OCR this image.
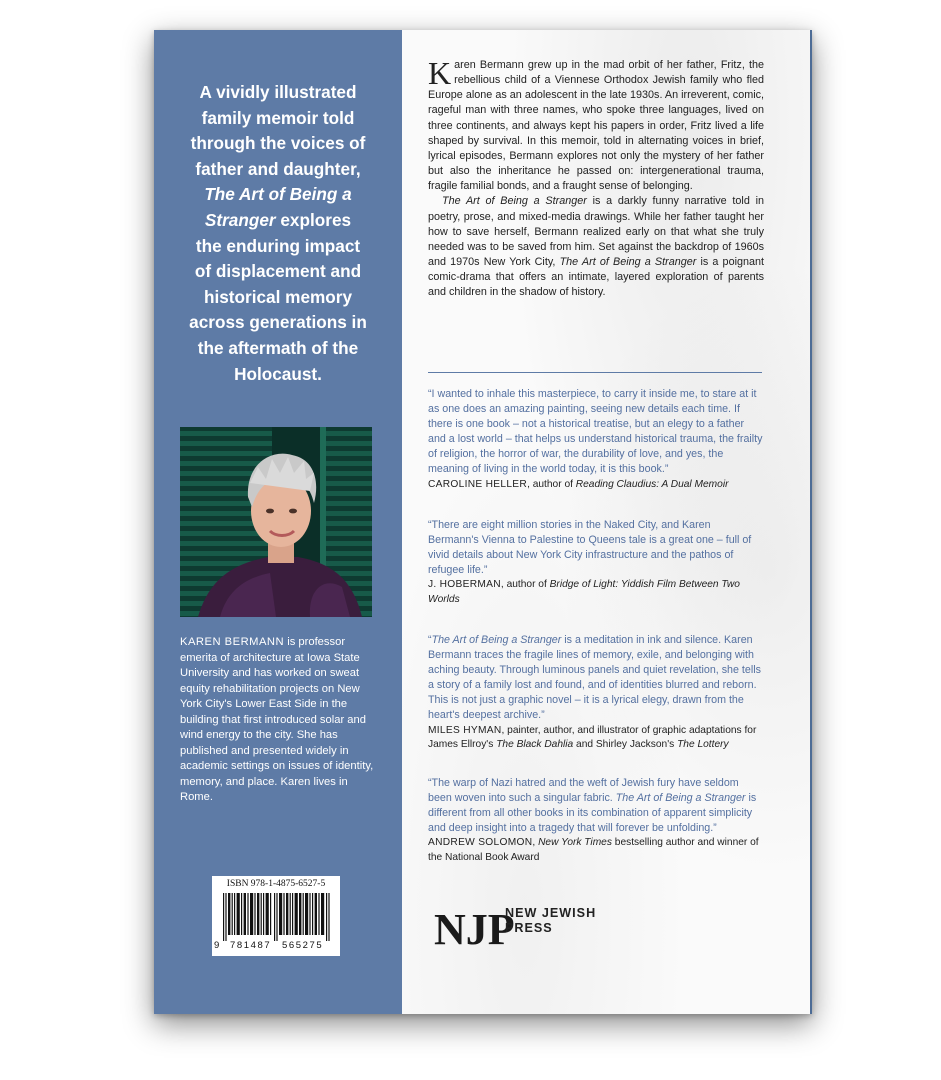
A vividly illustrated
family memoir told
through the voices of
father and daughter,
The Art of Being a
Stranger explores
the enduring impact
of displacement and
historical memory
across generations in
the aftermath of the
Holocaust.

KAREN BERMANN is professor emerita of architecture at Iowa State University and has worked on sweat equity rehabilitation projects on New York City's Lower East Side in the building that first introduced solar and wind energy to the city. She has published and presented widely in academic settings on issues of identity, memory, and place. Karen lives in Rome.

ISBN 978-1-4875-6527-5
9 781487 565275

Karen Bermann grew up in the mad orbit of her father, Fritz, the rebellious child of a Viennese Orthodox Jewish family who fled Europe alone as an adolescent in the late 1930s. An irreverent, comic, rageful man with three names, who spoke three languages, lived on three continents, and always kept his papers in order, Fritz lived a life shaped by survival. In this memoir, told in alternating voices in brief, lyrical episodes, Bermann explores not only the mystery of her father but also the inheritance he passed on: intergenerational trauma, fragile familial bonds, and a fraught sense of belonging.

The Art of Being a Stranger is a darkly funny narrative told in poetry, prose, and mixed-media drawings. While her father taught her how to save herself, Bermann realized early on that what she truly needed was to be saved from him. Set against the backdrop of 1960s and 1970s New York City, The Art of Being a Stranger is a poignant comic-drama that offers an intimate, layered exploration of parents and children in the shadow of history.

“I wanted to inhale this masterpiece, to carry it inside me, to stare at it as one does an amazing painting, seeing new details each time. If there is one book – not a historical treatise, but an elegy to a father and a lost world – that helps us understand historical trauma, the frailty of religion, the horror of war, the durability of love, and yes, the meaning of living in the world today, it is this book.”

CAROLINE HELLER, author of Reading Claudius: A Dual Memoir

“There are eight million stories in the Naked City, and Karen Bermann's Vienna to Palestine to Queens tale is a great one – full of vivid details about New York City infrastructure and the pathos of refugee life.”

J. HOBERMAN, author of Bridge of Light: Yiddish Film Between Two Worlds

“The Art of Being a Stranger is a meditation in ink and silence. Karen Bermann traces the fragile lines of memory, exile, and belonging with aching beauty. Through luminous panels and quiet revelation, she tells a story of a family lost and found, and of identities blurred and reborn. This is not just a graphic novel – it is a lyrical elegy, drawn from the heart's deepest archive.”

MILES HYMAN, painter, author, and illustrator of graphic adaptations for James Ellroy's The Black Dahlia and Shirley Jackson's The Lottery

“The warp of Nazi hatred and the weft of Jewish fury have seldom been woven into such a singular fabric. The Art of Being a Stranger is different from all other books in its combination of apparent simplicity and deep insight into a tragedy that will forever be unfolding.”

ANDREW SOLOMON, New York Times bestselling author and winner of the National Book Award

NJP
NEW JEWISH
PRESS
